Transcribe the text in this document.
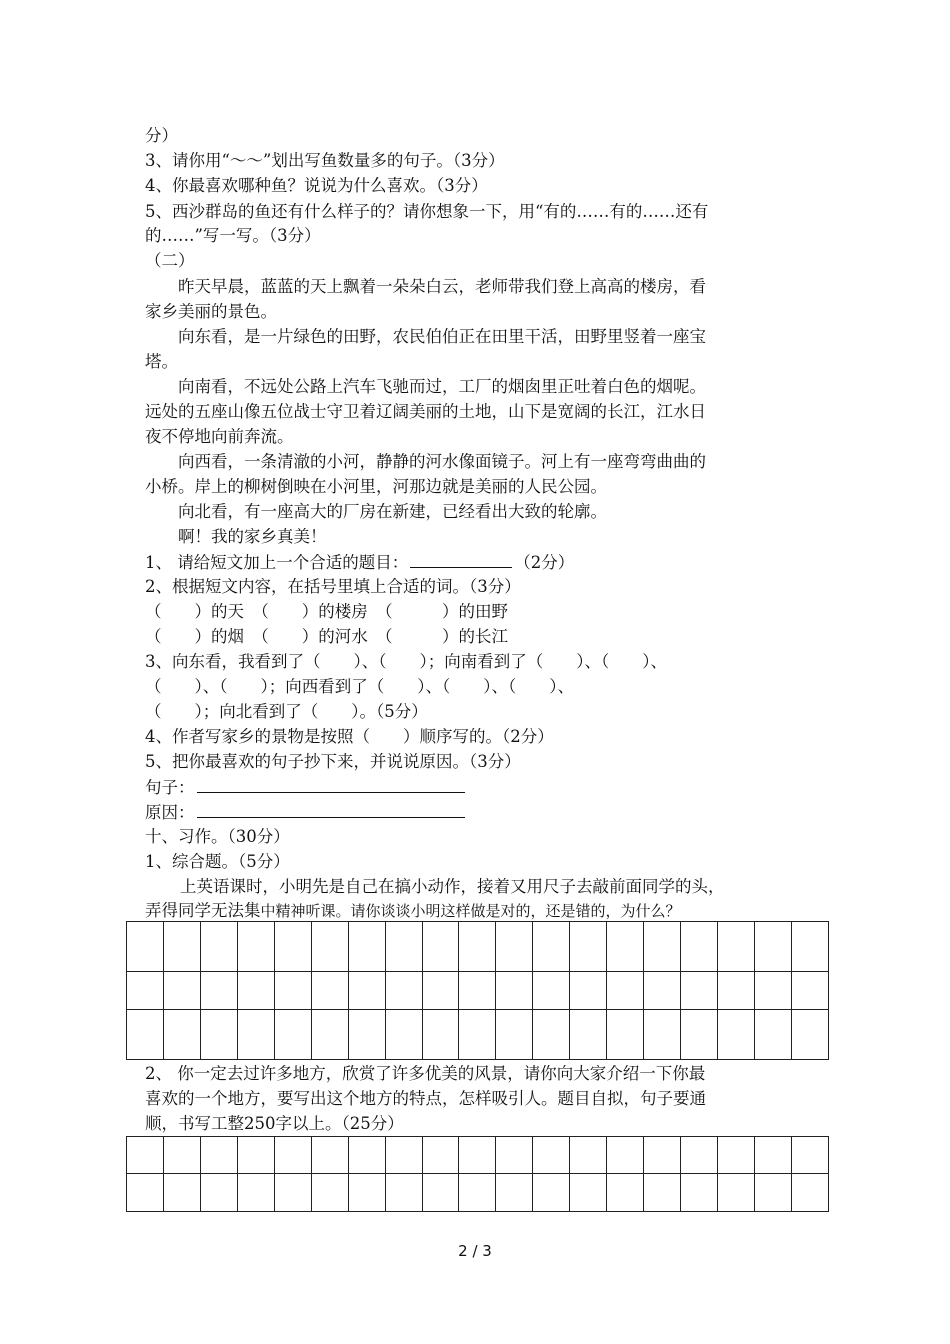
分）
3、请你用“～～”划出写鱼数量多的句子。（3分）
4、你最喜欢哪种鱼？说说为什么喜欢。（3分）
5、西沙群岛的鱼还有什么样子的？请你想象一下，用“有的……有的……还有
的……”写一写。（3分）
（二）
昨天早晨，蓝蓝的天上飘着一朵朵白云，老师带我们登上高高的楼房，看
家乡美丽的景色。
向东看，是一片绿色的田野，农民伯伯正在田里干活，田野里竖着一座宝
塔。
向南看，不远处公路上汽车飞驰而过，工厂的烟囱里正吐着白色的烟呢。
远处的五座山像五位战士守卫着辽阔美丽的土地，山下是宽阔的长江，江水日
夜不停地向前奔流。
向西看，一条清澈的小河，静静的河水像面镜子。河上有一座弯弯曲曲的
小桥。岸上的柳树倒映在小河里，河那边就是美丽的人民公园。
向北看，有一座高大的厂房在新建，已经看出大致的轮廓。
啊！我的家乡真美！
1、 请给短文加上一个合适的题目：	（2分）
2、根据短文内容，在括号里填上合适的词。（3分）
（　　）的天　（　　）的楼房　（　　　）的田野
（　　）的烟　（　　）的河水　（　　　）的长江
3、向东看，我看到了（　　）、（　　）；向南看到了（　　）、（　　）、
（　　）、（　　）；向西看到了（　　）、（　　）、（　　）、
（　　）；向北看到了（　　）。（5分）
4、作者写家乡的景物是按照（　　）顺序写的。（2分）
5、把你最喜欢的句子抄下来，并说说原因。（3分）
句子：
原因：
十、习作。（30分）
1、综合题。（5分）
上英语课时，小明先是自己在搞小动作，接着又用尺子去敲前面同学的头，
弄得同学无法集中精神听课。请你谈谈小明这样做是对的，还是错的，为什么？

2、 你一定去过许多地方，欣赏了许多优美的风景，请你向大家介绍一下你最
喜欢的一个地方，要写出这个地方的特点，怎样吸引人。题目自拟，句子要通
顺，书写工整250字以上。（25分）

2 / 3
